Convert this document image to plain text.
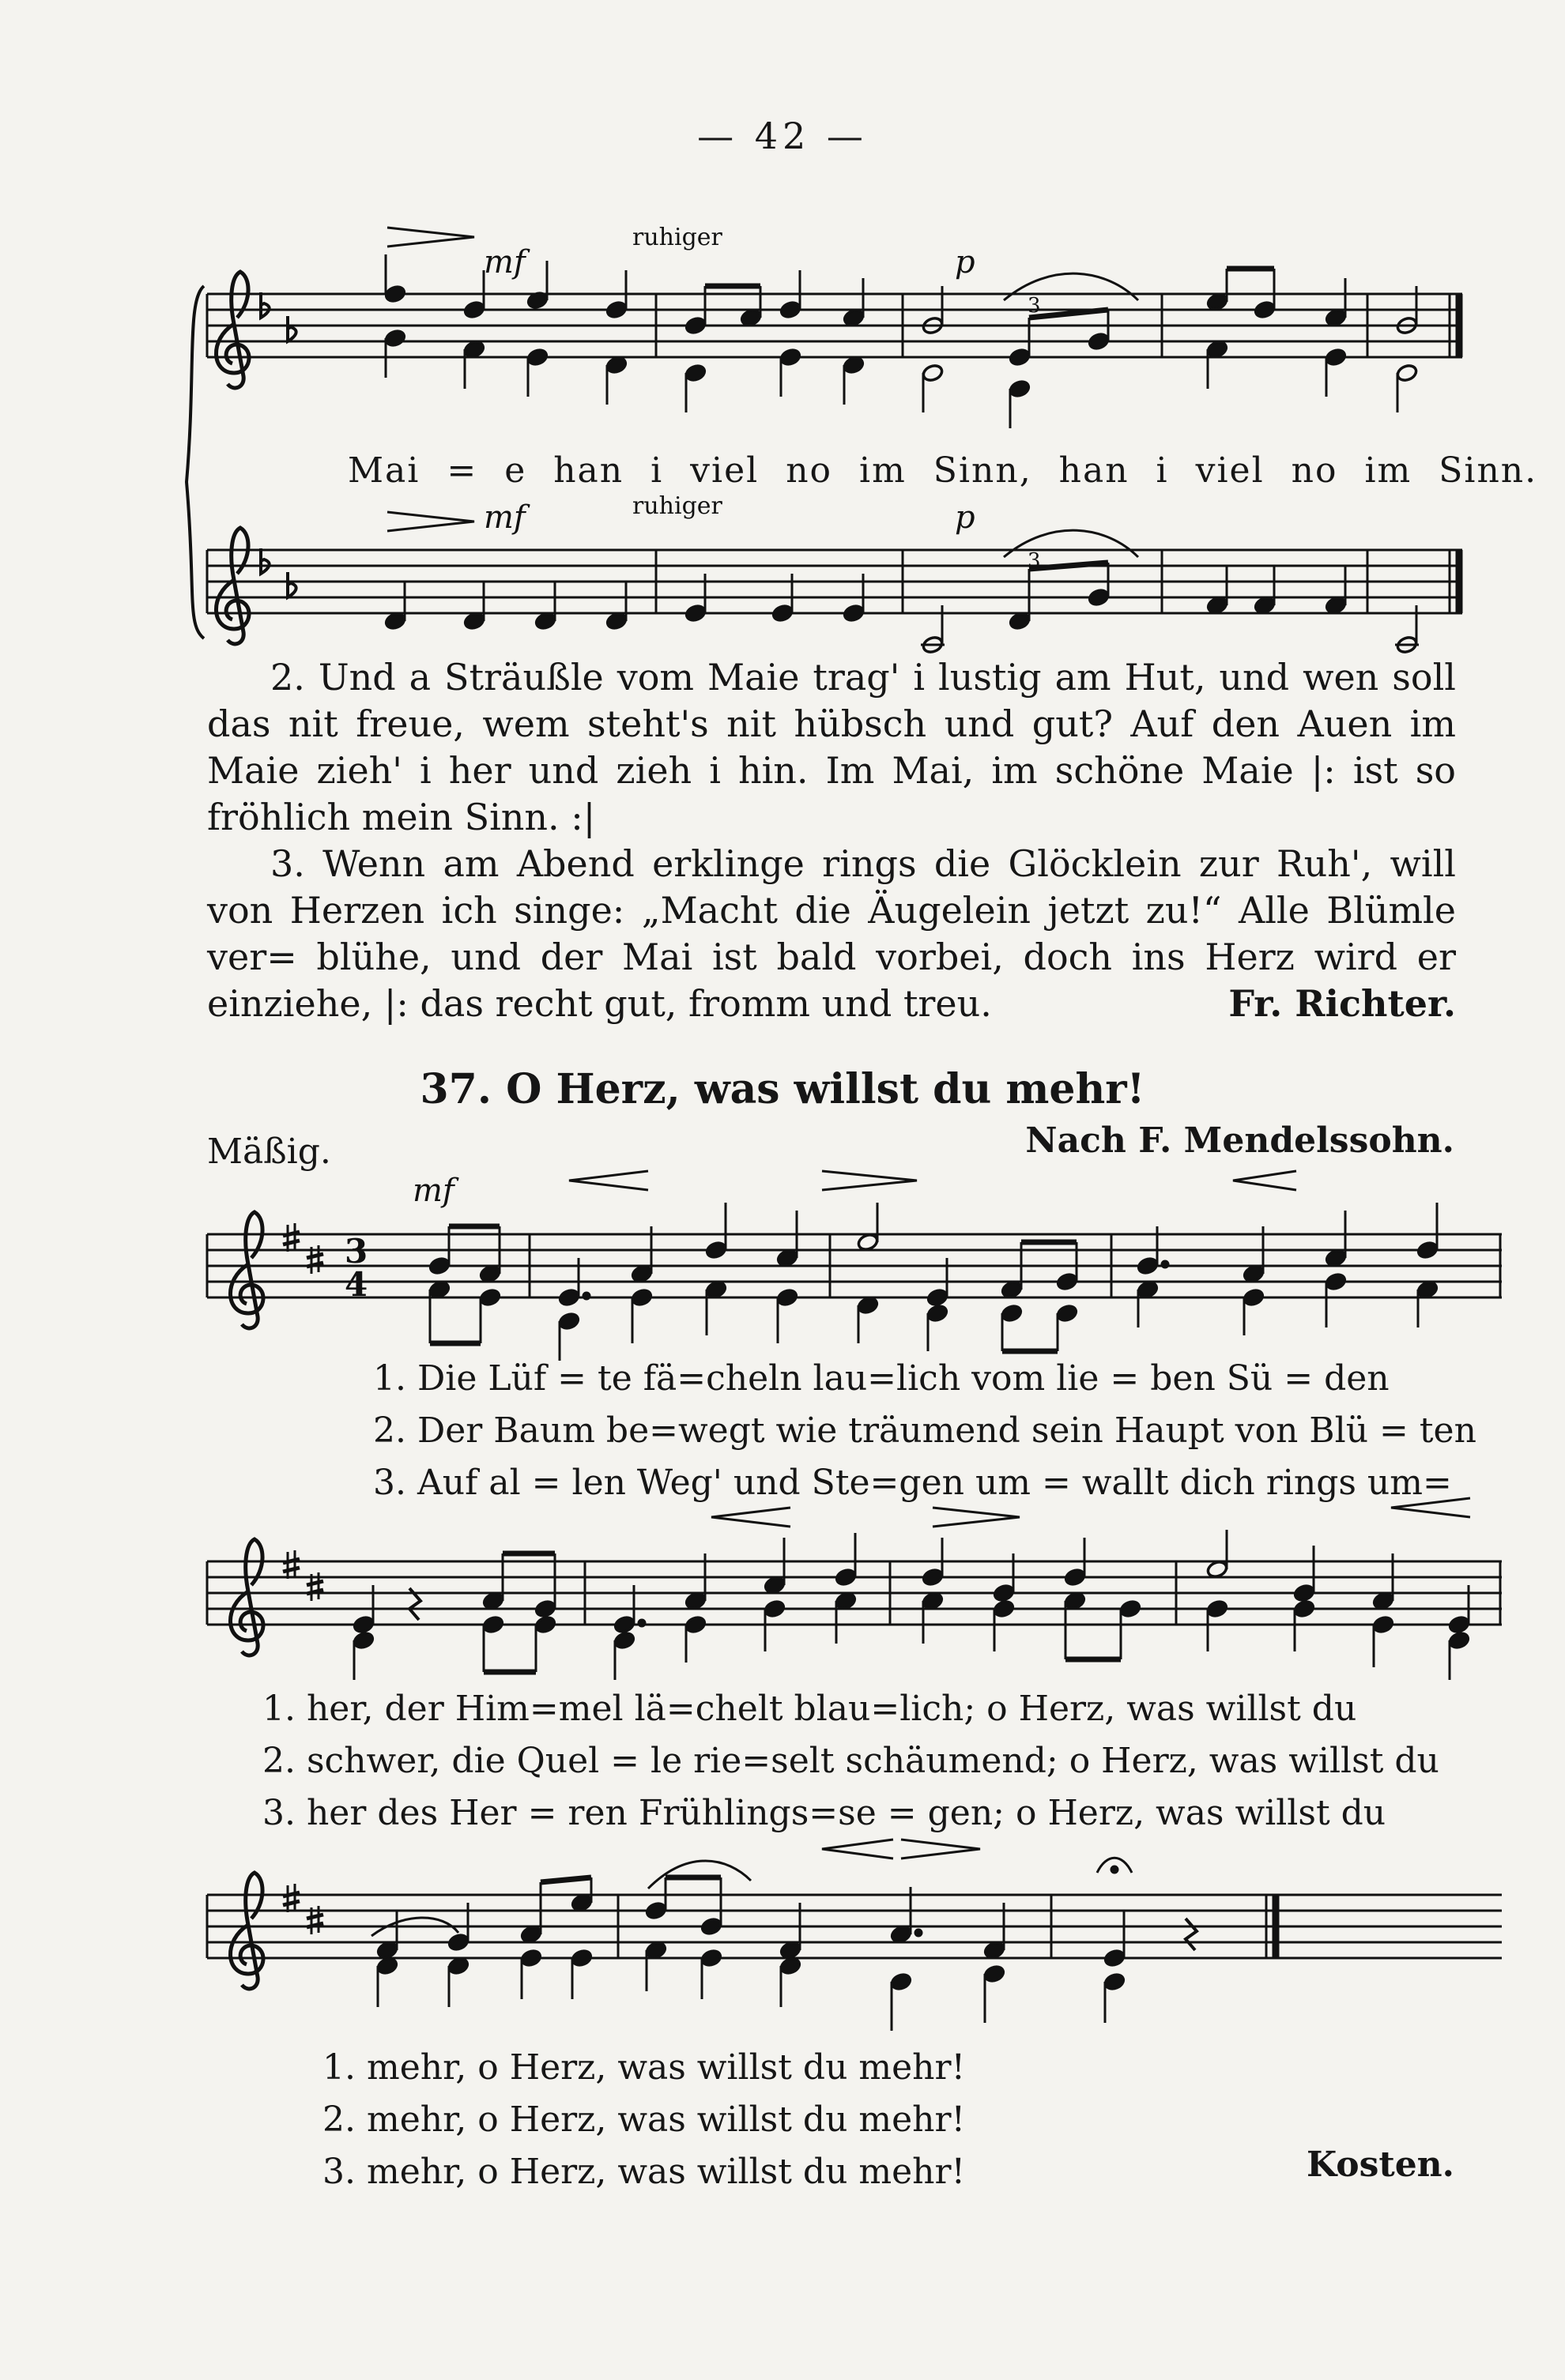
— 42 —
mf
ruhiger
p
3
mf	ruhiger	p
3
3
4
mf
Mai = e han i viel no im Sinn, han i viel no im Sinn.

2. Und a Sträußle vom Maie trag' i lustig am Hut, und wen soll das nit freue, wem steht's nit hübsch und gut? Auf den Auen im Maie zieh' i her und zieh i hin. Im Mai, im schöne Maie |: ist so fröhlich mein Sinn. :|

3. Wenn am Abend erklinge rings die Glöcklein zur Ruh', will von Herzen ich singe: „Macht die Äugelein jetzt zu!“ Alle Blümle ver= blühe, und der Mai ist bald vorbei, doch ins Herz wird er einziehe, |: das recht gut, fromm und treu.	Fr. Richter.

37. O Herz, was willst du mehr!
Mäßig.	Nach F. Mendelssohn.
1. Die Lüf = te fä=cheln lau=lich vom lie = ben Sü = den
2. Der Baum be=wegt wie träumend sein Haupt von Blü = ten
3. Auf al = len Weg' und Ste=gen um = wallt dich rings um=
1. her, der Him=mel lä=chelt blau=lich; o Herz, was willst du
2. schwer, die Quel = le rie=selt schäumend; o Herz, was willst du
3. her des Her = ren Frühlings=se = gen; o Herz, was willst du
1. mehr, o Herz, was willst du mehr!
2. mehr, o Herz, was willst du mehr!
3. mehr, o Herz, was willst du mehr!	Kosten.
